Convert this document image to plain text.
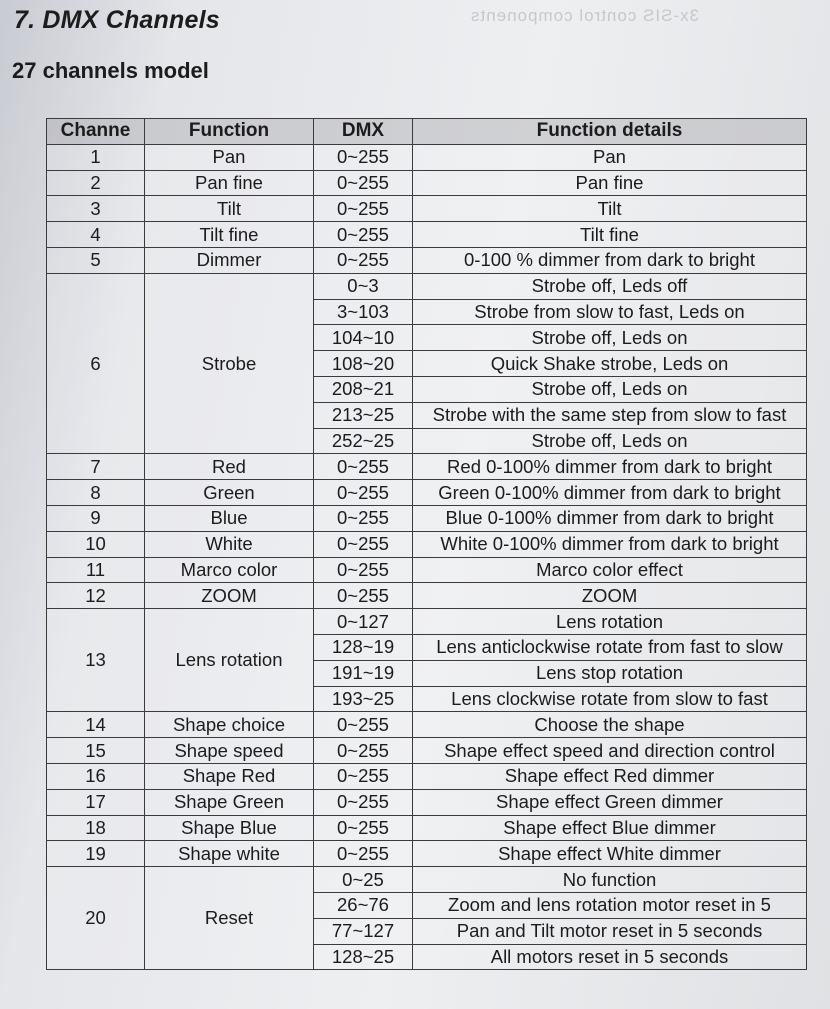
7. DMX Channels
27 channels model
3x-SIS control components
Channe	Function	DMX	Function details
1	Pan	0~255	Pan
2	Pan fine	0~255	Pan fine
3	Tilt	0~255	Tilt
4	Tilt fine	0~255	Tilt fine
5	Dimmer	0~255	0-100 % dimmer from dark to bright
6	Strobe	0~3	Strobe off, Leds off
		3~103	Strobe from slow to fast, Leds on
		104~10	Strobe off, Leds on
		108~20	Quick Shake strobe, Leds on
		208~21	Strobe off, Leds on
		213~25	Strobe with the same step from slow to fast
		252~25	Strobe off, Leds on
7	Red	0~255	Red 0-100% dimmer from dark to bright
8	Green	0~255	Green 0-100% dimmer from dark to bright
9	Blue	0~255	Blue 0-100% dimmer from dark to bright
10	White	0~255	White 0-100% dimmer from dark to bright
11	Marco color	0~255	Marco color effect
12	ZOOM	0~255	ZOOM
13	Lens rotation	0~127	Lens rotation
		128~19	Lens anticlockwise rotate from fast to slow
		191~19	Lens stop rotation
		193~25	Lens clockwise rotate from slow to fast
14	Shape choice	0~255	Choose the shape
15	Shape speed	0~255	Shape effect speed and direction control
16	Shape Red	0~255	Shape effect Red dimmer
17	Shape Green	0~255	Shape effect Green dimmer
18	Shape Blue	0~255	Shape effect Blue dimmer
19	Shape white	0~255	Shape effect White dimmer
20	Reset	0~25	No function
		26~76	Zoom and lens rotation motor reset in 5
		77~127	Pan and Tilt motor reset in 5 seconds
		128~25	All motors reset in 5 seconds
